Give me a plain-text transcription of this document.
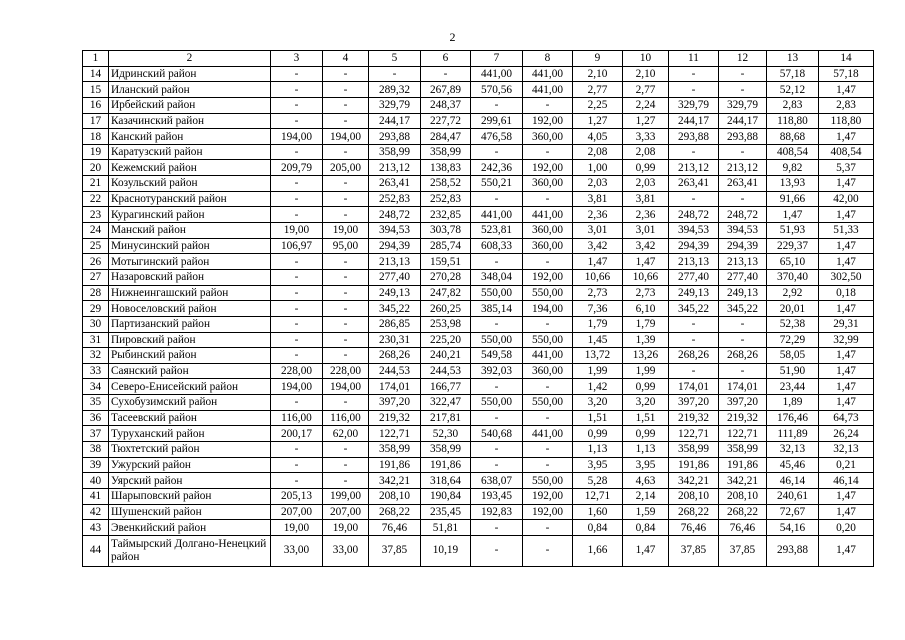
2
1	2	3	4	5	6	7	8	9	10	11	12	13	14
14	Идринский район	-	-	-	-	441,00	441,00	2,10	2,10	-	-	57,18	57,18
15	Иланский район	-	-	289,32	267,89	570,56	441,00	2,77	2,77	-	-	52,12	1,47
16	Ирбейский район	-	-	329,79	248,37	-	-	2,25	2,24	329,79	329,79	2,83	2,83
17	Казачинский район	-	-	244,17	227,72	299,61	192,00	1,27	1,27	244,17	244,17	118,80	118,80
18	Канский район	194,00	194,00	293,88	284,47	476,58	360,00	4,05	3,33	293,88	293,88	88,68	1,47
19	Каратузский район	-	-	358,99	358,99	-	-	2,08	2,08	-	-	408,54	408,54
20	Кежемский район	209,79	205,00	213,12	138,83	242,36	192,00	1,00	0,99	213,12	213,12	9,82	5,37
21	Козульский район	-	-	263,41	258,52	550,21	360,00	2,03	2,03	263,41	263,41	13,93	1,47
22	Краснотуранский район	-	-	252,83	252,83	-	-	3,81	3,81	-	-	91,66	42,00
23	Курагинский район	-	-	248,72	232,85	441,00	441,00	2,36	2,36	248,72	248,72	1,47	1,47
24	Манский район	19,00	19,00	394,53	303,78	523,81	360,00	3,01	3,01	394,53	394,53	51,93	51,33
25	Минусинский район	106,97	95,00	294,39	285,74	608,33	360,00	3,42	3,42	294,39	294,39	229,37	1,47
26	Мотыгинский район	-	-	213,13	159,51	-	-	1,47	1,47	213,13	213,13	65,10	1,47
27	Назаровский район	-	-	277,40	270,28	348,04	192,00	10,66	10,66	277,40	277,40	370,40	302,50
28	Нижнеингашский район	-	-	249,13	247,82	550,00	550,00	2,73	2,73	249,13	249,13	2,92	0,18
29	Новоселовский район	-	-	345,22	260,25	385,14	194,00	7,36	6,10	345,22	345,22	20,01	1,47
30	Партизанский район	-	-	286,85	253,98	-	-	1,79	1,79	-	-	52,38	29,31
31	Пировский район	-	-	230,31	225,20	550,00	550,00	1,45	1,39	-	-	72,29	32,99
32	Рыбинский район	-	-	268,26	240,21	549,58	441,00	13,72	13,26	268,26	268,26	58,05	1,47
33	Саянский район	228,00	228,00	244,53	244,53	392,03	360,00	1,99	1,99	-	-	51,90	1,47
34	Северо-Енисейский район	194,00	194,00	174,01	166,77	-	-	1,42	0,99	174,01	174,01	23,44	1,47
35	Сухобузимский район	-	-	397,20	322,47	550,00	550,00	3,20	3,20	397,20	397,20	1,89	1,47
36	Тасеевский район	116,00	116,00	219,32	217,81	-	-	1,51	1,51	219,32	219,32	176,46	64,73
37	Туруханский район	200,17	62,00	122,71	52,30	540,68	441,00	0,99	0,99	122,71	122,71	111,89	26,24
38	Тюхтетский район	-	-	358,99	358,99	-	-	1,13	1,13	358,99	358,99	32,13	32,13
39	Ужурский район	-	-	191,86	191,86	-	-	3,95	3,95	191,86	191,86	45,46	0,21
40	Уярский район	-	-	342,21	318,64	638,07	550,00	5,28	4,63	342,21	342,21	46,14	46,14
41	Шарыповский район	205,13	199,00	208,10	190,84	193,45	192,00	12,71	2,14	208,10	208,10	240,61	1,47
42	Шушенский район	207,00	207,00	268,22	235,45	192,83	192,00	1,60	1,59	268,22	268,22	72,67	1,47
43	Эвенкийский район	19,00	19,00	76,46	51,81	-	-	0,84	0,84	76,46	76,46	54,16	0,20
44	Таймырский Долгано-Ненецкий район	33,00	33,00	37,85	10,19	-	-	1,66	1,47	37,85	37,85	293,88	1,47
